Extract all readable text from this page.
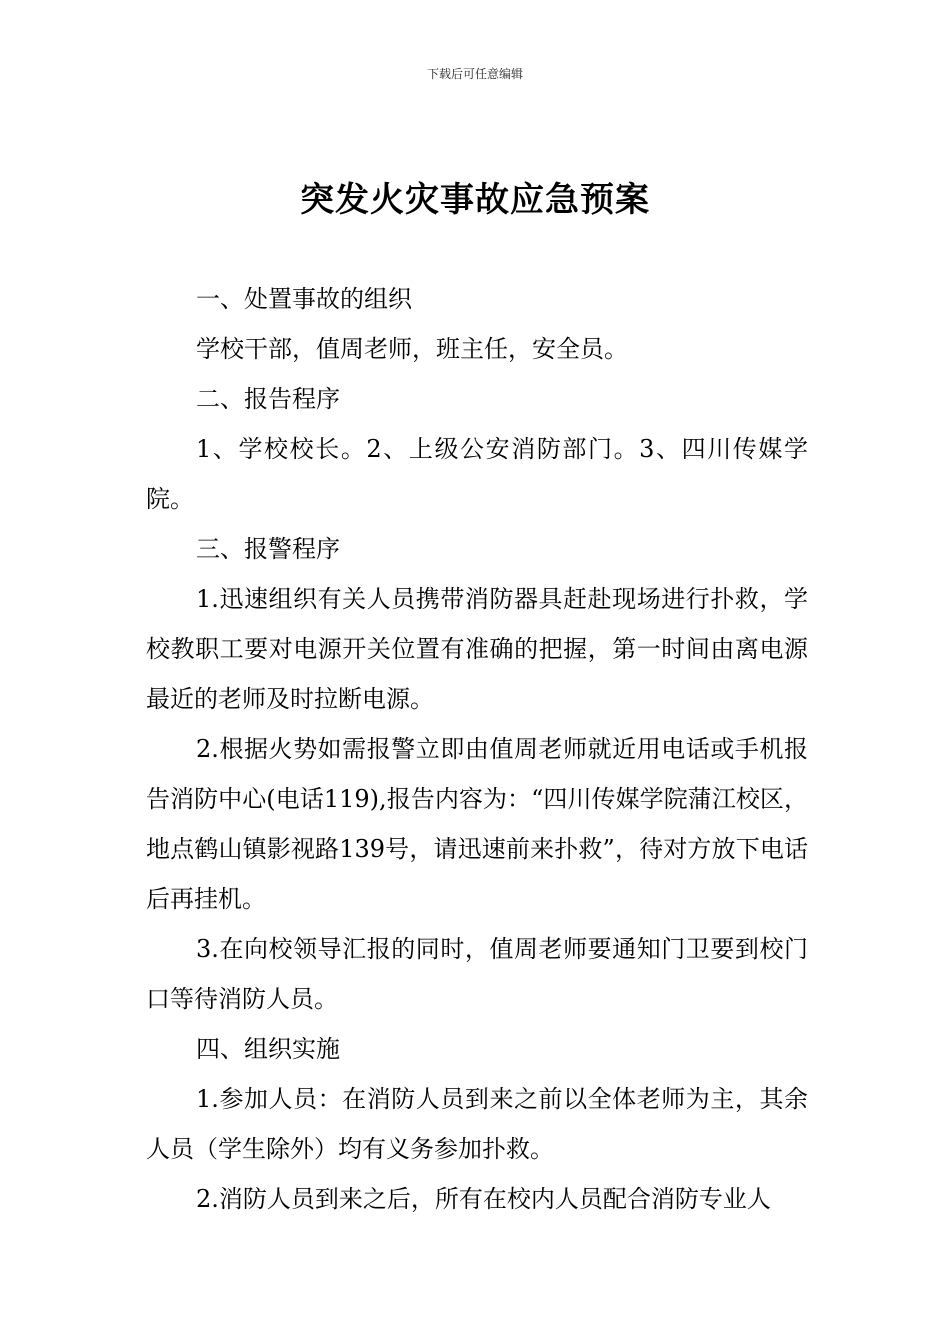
下载后可任意编辑
突发火灾事故应急预案

一、处置事故的组织

学校干部，值周老师，班主任，安全员。

二、报告程序

1、学校校长。2、上级公安消防部门。3、四川传媒学院。

三、报警程序

1.迅速组织有关人员携带消防器具赶赴现场进行扑救，学校教职工要对电源开关位置有准确的把握，第一时间由离电源最近的老师及时拉断电源。

2.根据火势如需报警立即由值周老师就近用电话或手机报告消防中心(电话119),报告内容为：“四川传媒学院蒲江校区，地点鹤山镇影视路139号，请迅速前来扑救”，待对方放下电话后再挂机。

3.在向校领导汇报的同时，值周老师要通知门卫要到校门口等待消防人员。

四、组织实施

1.参加人员：在消防人员到来之前以全体老师为主，其余人员（学生除外）均有义务参加扑救。

2.消防人员到来之后，所有在校内人员配合消防专业人
